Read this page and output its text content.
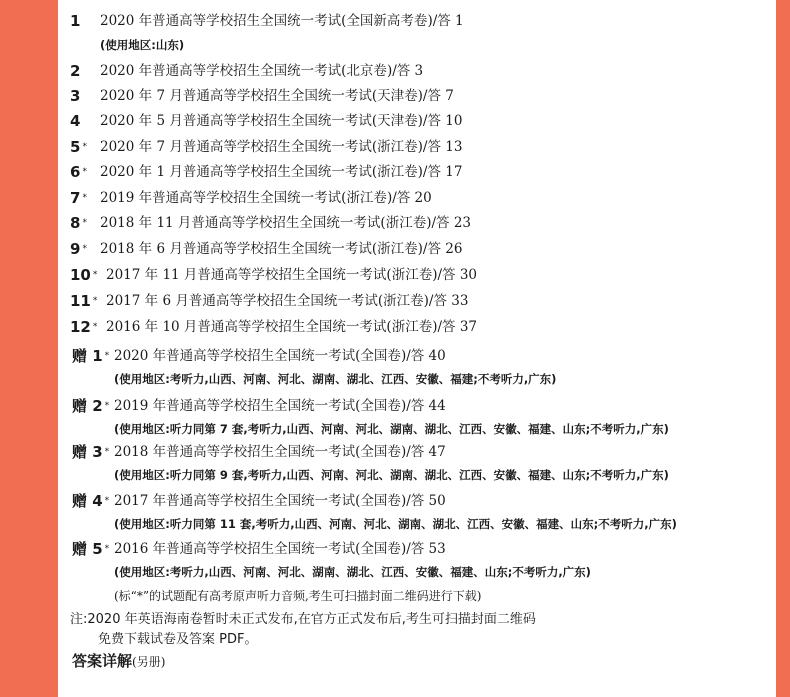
1 2020 年普通高等学校招生全国统一考试(全国新高考卷)/答 1
2 2020 年普通高等学校招生全国统一考试(北京卷)/答 3
3 2020 年 7 月普通高等学校招生全国统一考试(天津卷)/答 7
4 2020 年 5 月普通高等学校招生全国统一考试(天津卷)/答 10
5 * 2020 年 7 月普通高等学校招生全国统一考试(浙江卷)/答 13
6 * 2020 年 1 月普通高等学校招生全国统一考试(浙江卷)/答 17
7 * 2019 年普通高等学校招生全国统一考试(浙江卷)/答 20
8 * 2018 年 11 月普通高等学校招生全国统一考试(浙江卷)/答 23
9 * 2018 年 6 月普通高等学校招生全国统一考试(浙江卷)/答 26
10 * 2017 年 11 月普通高等学校招生全国统一考试(浙江卷)/答 30
11 * 2017 年 6 月普通高等学校招生全国统一考试(浙江卷)/答 33
12 * 2016 年 10 月普通高等学校招生全国统一考试(浙江卷)/答 37
(使用地区:山东)
赠 1 * 2020 年普通高等学校招生全国统一考试(全国卷)/答 40
(使用地区:考听力,山西、河南、河北、湖南、湖北、江西、安徽、福建;不考听力,广东)
赠 2 * 2019 年普通高等学校招生全国统一考试(全国卷)/答 44
(使用地区:听力同第 7 套,考听力,山西、河南、河北、湖南、湖北、江西、安徽、福建、山东;不考听力,广东)
赠 3 * 2018 年普通高等学校招生全国统一考试(全国卷)/答 47
(使用地区:听力同第 9 套,考听力,山西、河南、河北、湖南、湖北、江西、安徽、福建、山东;不考听力,广东)
赠 4 * 2017 年普通高等学校招生全国统一考试(全国卷)/答 50
(使用地区:听力同第 11 套,考听力,山西、河南、河北、湖南、湖北、江西、安徽、福建、山东;不考听力,广东)
赠 5 * 2016 年普通高等学校招生全国统一考试(全国卷)/答 53
(使用地区:考听力,山西、河南、河北、湖南、湖北、江西、安徽、福建、山东;不考听力,广东)
(标“*”的试题配有高考原声听力音频,考生可扫描封面二维码进行下载)
注:2020 年英语海南卷暂时未正式发布,在官方正式发布后,考生可扫描封面二维码
免费下载试卷及答案 PDF。
答案详解(另册)
